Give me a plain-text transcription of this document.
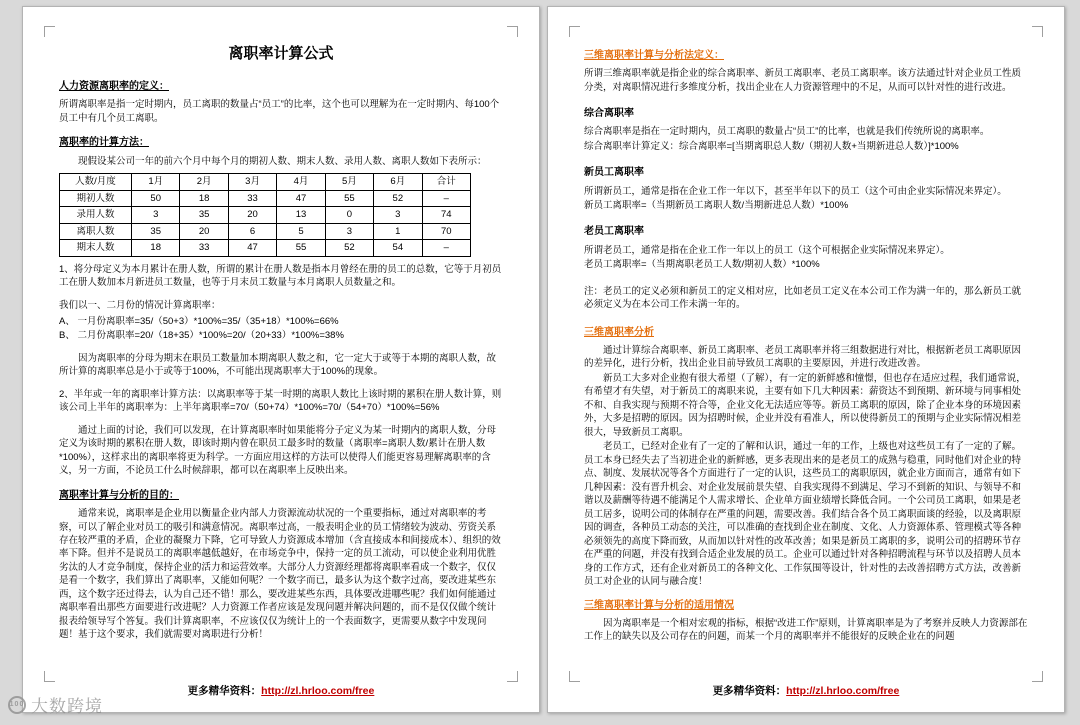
离职率计算公式
人力资源离职率的定义：

所谓离职率是指一定时期内，员工离职的数量占“员工”的比率，这个也可以理解为在一定时期内、每100个员工中有几个员工离职。

离职率的计算方法：

现假设某公司一年的前六个月中每个月的期初人数、期末人数、录用人数、离职人数如下表所示：

人数/月度	1月	2月	3月	4月	5月	6月	合计
期初人数	50	18	33	47	55	52	–
录用人数	3	35	20	13	0	3	74
离职人数	35	20	6	5	3	1	70
期末人数	18	33	47	55	52	54	–

1、将分母定义为本月累计在册人数，所谓的累计在册人数是指本月曾经在册的员工的总数，它等于月初员工在册人数加本月新进员工数量，也等于月末员工数量与本月离职人员数量之和。

我们以一、二月份的情况计算离职率：

A、 一月份离职率=35/（50+3）*100%=35/（35+18）*100%=66%

B、 二月份离职率=20/（18+35）*100%=20/（20+33）*100%=38%

因为离职率的分母为期末在职员工数量加本期离职人数之和，它一定大于或等于本期的离职人数，故所计算的离职率总是小于或等于100%，不可能出现离职率大于100%的现象。

2、半年或一年的离职率计算方法：以离职率等于某一时期的离职人数比上该时期的累积在册人数计算，则该公司上半年的离职率为：上半年离职率=70/（50+74）*100%=70/（54+70）*100%=56%

通过上面的讨论，我们可以发现，在计算离职率时如果能将分子定义为某一时期内的离职人数，分母定义为该时期的累积在册人数，即该时期内曾在职员工最多时的数量（离职率=离职人数/累计在册人数*100%），这样求出的离职率将更为科学。一方面应用这样的方法可以使得人们能更容易理解离职率的含义，另一方面，不论员工什么时候辞职，都可以在离职率上反映出来。

离职率计算与分析的目的：

通常来说，离职率是企业用以衡量企业内部人力资源流动状况的一个重要指标，通过对离职率的考察，可以了解企业对员工的吸引和满意情况。离职率过高，一般表明企业的员工情绪较为波动、劳资关系存在较严重的矛盾，企业的凝聚力下降，它可导致人力资源成本增加（含直接成本和间接成本）、组织的效率下降。但并不是说员工的离职率越低越好，在市场竞争中，保持一定的员工流动，可以使企业利用优胜劣汰的人才竞争制度，保持企业的活力和运营效率。大部分人力资源经理都将离职率看成一个数字，仅仅是看一个数字，我们算出了离职率，又能如何呢？一个数字而已，最多认为这个数字过高，要改进某些东西，这个数字还过得去，认为自己还不错！那么，要改进某些东西，具体要改进哪些呢？我们如何能通过离职率看出那些方面要进行改进呢？人力资源工作者应该是发现问题并解决问题的，而不是仅仅做个统计报表给领导写个答复。我们计算离职率，不应该仅仅为统计上的一个表面数字，更需要从数字中发现问题！基于这个要求，我们就需要对离职进行分析！

更多精华资料：http://zl.hrloo.com/free
三维离职率计算与分析法定义：

所谓三维离职率就是指企业的综合离职率、新员工离职率、老员工离职率。该方法通过针对企业员工性质分类，对离职情况进行多维度分析，找出企业在人力资源管理中的不足，从而可以针对性的进行改进。

综合离职率

综合离职率是指在一定时期内，员工离职的数量占“员工”的比率，也就是我们传统所说的离职率。

综合离职率计算定义：综合离职率=[当期离职总人数/（期初人数+当期新进总人数）]*100%

新员工离职率

所谓新员工，通常是指在企业工作一年以下，甚至半年以下的员工（这个可由企业实际情况来界定）。

新员工离职率=（当期新员工离职人数/当期新进总人数）*100%

老员工离职率

所谓老员工，通常是指在企业工作一年以上的员工（这个可根据企业实际情况来界定）。

老员工离职率=（当期离职老员工人数/期初人数）*100%

注：老员工的定义必须和新员工的定义相对应，比如老员工定义在本公司工作为满一年的，那么新员工就必须定义为在本公司工作未满一年的。

三维离职率分析

通过计算综合离职率、新员工离职率、老员工离职率并将三组数据进行对比，根据新老员工离职原因的差异化，进行分析，找出企业目前导致员工离职的主要原因，并进行改进改善。

新员工大多对企业抱有很大希望（了解），有一定的新鲜感和憧憬，但也存在适应过程，我们通常说，有希望才有失望，对于新员工的离职来说，主要有如下几大种因素：薪资达不到预期、新环境与同事相处不和、自我实现与预期不符合等，企业文化无法适应等等。新员工离职的原因，除了企业本身的环境因素外，大多是招聘的原因。因为招聘时候，企业并没有看准人，所以使得新员工的预期与企业实际情况相差很大，导致新员工离职。

老员工，已经对企业有了一定的了解和认识，通过一年的工作，上级也对这些员工有了一定的了解。员工本身已经失去了当初进企业的新鲜感，更多表现出来的是老员工的成熟与稳重，同时他们对企业的特点、制度、发展状况等各个方面进行了一定的认识，这些员工的离职原因，就企业方面而言，通常有如下几种因素：没有晋升机会、对企业发展前景失望、自我实现得不到满足、学习不到新的知识、与领导不和谐以及薪酬等待遇不能满足个人需求增长、企业单方面业绩增长降低合同。一个公司员工离职，如果是老员工居多，说明公司的体制存在严重的问题，需要改善。我们结合各个员工离职面谈的经验，以及离职原因的调查，各种员工动态的关注，可以准确的查找到企业在制度、文化、人力资源体系、管理模式等各种必须领先的高度下降而致，从而加以针对性的改革改善；如果是新员工离职的多，说明公司的招聘环节存在严重的问题，并没有找到合适企业发展的员工。企业可以通过针对各种招聘流程与环节以及招聘人员本身的工作方式，还有企业对新员工的各种文化、工作氛围等设计，针对性的去改善招聘方式方法，改善新员工对企业的认同与融合度！

三维离职率计算与分析的适用情况

因为离职率是一个相对宏观的指标，根据“改进工作”原则，计算离职率是为了考察并反映人力资源部在工作上的缺失以及公司存在的问题，而某一个月的离职率并不能很好的反映企业在的问题

更多精华资料：http://zl.hrloo.com/free
100 大数跨境
